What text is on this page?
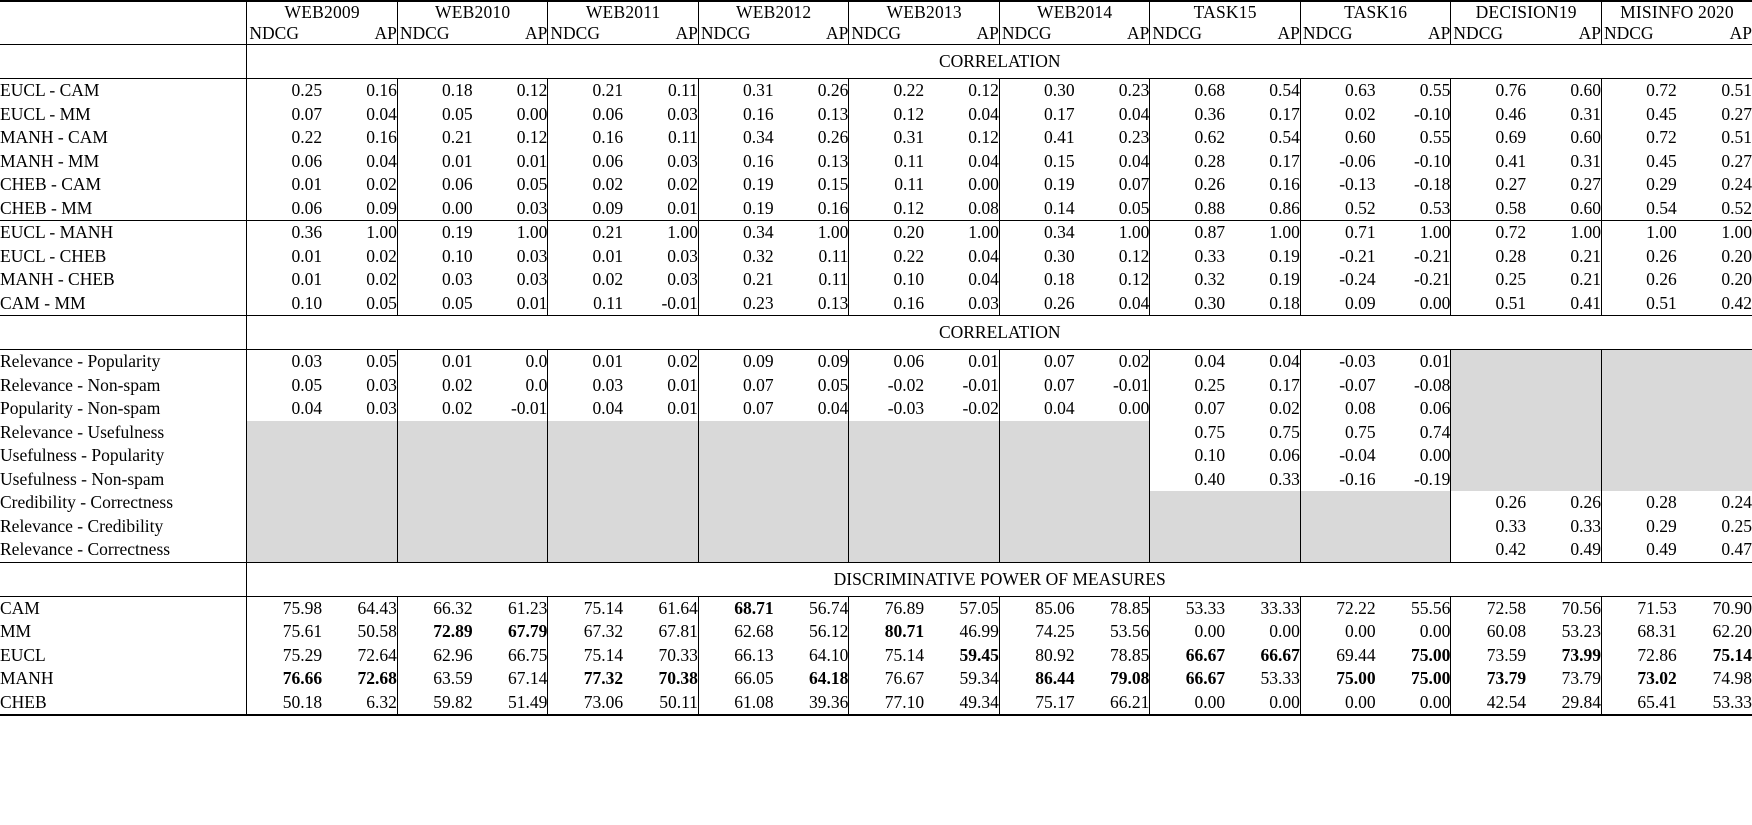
	WEB2009		WEB2010		WEB2011		WEB2012		WEB2013		WEB2014		TASK15		TASK16		DECISION19		MISINFO 2020	
	NDCG	AP	NDCG	AP	NDCG	AP	NDCG	AP	NDCG	AP	NDCG	AP	NDCG	AP	NDCG	AP	NDCG	AP	NDCG	AP
	CORRELATION																			
EUCL - CAM	0.25	0.16	0.18	0.12	0.21	0.11	0.31	0.26	0.22	0.12	0.30	0.23	0.68	0.54	0.63	0.55	0.76	0.60	0.72	0.51
EUCL - MM	0.07	0.04	0.05	0.00	0.06	0.03	0.16	0.13	0.12	0.04	0.17	0.04	0.36	0.17	0.02	-0.10	0.46	0.31	0.45	0.27
MANH - CAM	0.22	0.16	0.21	0.12	0.16	0.11	0.34	0.26	0.31	0.12	0.41	0.23	0.62	0.54	0.60	0.55	0.69	0.60	0.72	0.51
MANH - MM	0.06	0.04	0.01	0.01	0.06	0.03	0.16	0.13	0.11	0.04	0.15	0.04	0.28	0.17	-0.06	-0.10	0.41	0.31	0.45	0.27
CHEB - CAM	0.01	0.02	0.06	0.05	0.02	0.02	0.19	0.15	0.11	0.00	0.19	0.07	0.26	0.16	-0.13	-0.18	0.27	0.27	0.29	0.24
CHEB - MM	0.06	0.09	0.00	0.03	0.09	0.01	0.19	0.16	0.12	0.08	0.14	0.05	0.88	0.86	0.52	0.53	0.58	0.60	0.54	0.52
EUCL - MANH	0.36	1.00	0.19	1.00	0.21	1.00	0.34	1.00	0.20	1.00	0.34	1.00	0.87	1.00	0.71	1.00	0.72	1.00	1.00	1.00
EUCL - CHEB	0.01	0.02	0.10	0.03	0.01	0.03	0.32	0.11	0.22	0.04	0.30	0.12	0.33	0.19	-0.21	-0.21	0.28	0.21	0.26	0.20
MANH - CHEB	0.01	0.02	0.03	0.03	0.02	0.03	0.21	0.11	0.10	0.04	0.18	0.12	0.32	0.19	-0.24	-0.21	0.25	0.21	0.26	0.20
CAM - MM	0.10	0.05	0.05	0.01	0.11	-0.01	0.23	0.13	0.16	0.03	0.26	0.04	0.30	0.18	0.09	0.00	0.51	0.41	0.51	0.42
	CORRELATION																			
Relevance - Popularity	0.03	0.05	0.01	0.0	0.01	0.02	0.09	0.09	0.06	0.01	0.07	0.02	0.04	0.04	-0.03	0.01				
Relevance - Non-spam	0.05	0.03	0.02	0.0	0.03	0.01	0.07	0.05	-0.02	-0.01	0.07	-0.01	0.25	0.17	-0.07	-0.08				
Popularity - Non-spam	0.04	0.03	0.02	-0.01	0.04	0.01	0.07	0.04	-0.03	-0.02	0.04	0.00	0.07	0.02	0.08	0.06				
Relevance - Usefulness													0.75	0.75	0.75	0.74				
Usefulness - Popularity													0.10	0.06	-0.04	0.00				
Usefulness - Non-spam													0.40	0.33	-0.16	-0.19				
Credibility - Correctness																	0.26	0.26	0.28	0.24
Relevance - Credibility																	0.33	0.33	0.29	0.25
Relevance - Correctness																	0.42	0.49	0.49	0.47
	DISCRIMINATIVE POWER OF MEASURES																			
CAM	75.98	64.43	66.32	61.23	75.14	61.64	68.71	56.74	76.89	57.05	85.06	78.85	53.33	33.33	72.22	55.56	72.58	70.56	71.53	70.90
MM	75.61	50.58	72.89	67.79	67.32	67.81	62.68	56.12	80.71	46.99	74.25	53.56	0.00	0.00	0.00	0.00	60.08	53.23	68.31	62.20
EUCL	75.29	72.64	62.96	66.75	75.14	70.33	66.13	64.10	75.14	59.45	80.92	78.85	66.67	66.67	69.44	75.00	73.59	73.99	72.86	75.14
MANH	76.66	72.68	63.59	67.14	77.32	70.38	66.05	64.18	76.67	59.34	86.44	79.08	66.67	53.33	75.00	75.00	73.79	73.79	73.02	74.98
CHEB	50.18	6.32	59.82	51.49	73.06	50.11	61.08	39.36	77.10	49.34	75.17	66.21	0.00	0.00	0.00	0.00	42.54	29.84	65.41	53.33
